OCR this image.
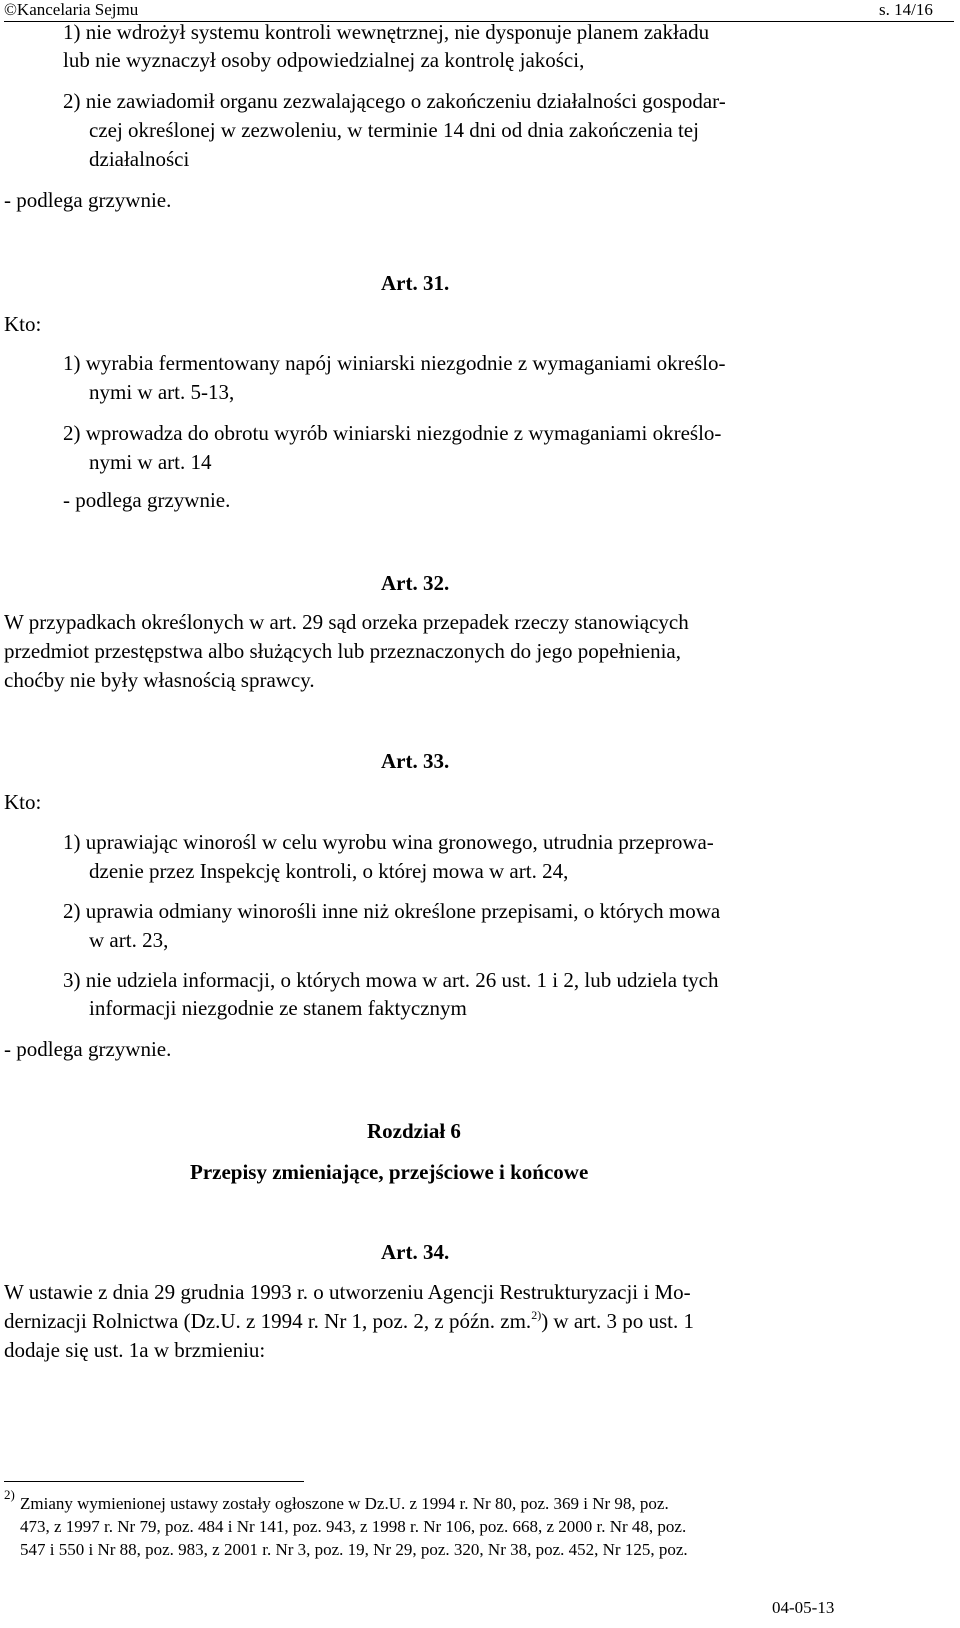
©Kancelaria Sejmu	s. 14/16
1) nie wdrożył systemu kontroli wewnętrznej, nie dysponuje planem zakładu
lub nie wyznaczył osoby odpowiedzialnej za kontrolę jakości,
2) nie zawiadomił organu zezwalającego o zakończeniu działalności gospodar-
czej określonej w zezwoleniu, w terminie 14 dni od dnia zakończenia tej
działalności
- podlega grzywnie.
Art. 31.
Kto:
1) wyrabia fermentowany napój winiarski niezgodnie z wymaganiami określo-
nymi w art. 5-13,
2) wprowadza do obrotu wyrób winiarski niezgodnie z wymaganiami określo-
nymi w art. 14
- podlega grzywnie.
Art. 32.
W przypadkach określonych w art. 29 sąd orzeka przepadek rzeczy stanowiących
przedmiot przestępstwa albo służących lub przeznaczonych do jego popełnienia,
choćby nie były własnością sprawcy.
Art. 33.
Kto:
1) uprawiając winorośl w celu wyrobu wina gronowego, utrudnia przeprowa-
dzenie przez Inspekcję kontroli, o której mowa w art. 24,
2) uprawia odmiany winorośli inne niż określone przepisami, o których mowa
w art. 23,
3) nie udziela informacji, o których mowa w art. 26 ust. 1 i 2, lub udziela tych
informacji niezgodnie ze stanem faktycznym
- podlega grzywnie.
Rozdział 6
Przepisy zmieniające, przejściowe i końcowe
Art. 34.
W ustawie z dnia 29 grudnia 1993 r. o utworzeniu Agencji Restrukturyzacji i Mo-
dernizacji Rolnictwa (Dz.U. z 1994 r. Nr 1, poz. 2, z późn. zm.$^{2)}$) w art. 3 po ust. 1
dodaje się ust. 1a w brzmieniu:
2) Zmiany wymienionej ustawy zostały ogłoszone w Dz.U. z 1994 r. Nr 80, poz. 369 i Nr 98, poz.
473, z 1997 r. Nr 79, poz. 484 i Nr 141, poz. 943, z 1998 r. Nr 106, poz. 668, z 2000 r. Nr 48, poz.
547 i 550 i Nr 88, poz. 983, z 2001 r. Nr 3, poz. 19, Nr 29, poz. 320, Nr 38, poz. 452, Nr 125, poz.
04-05-13
